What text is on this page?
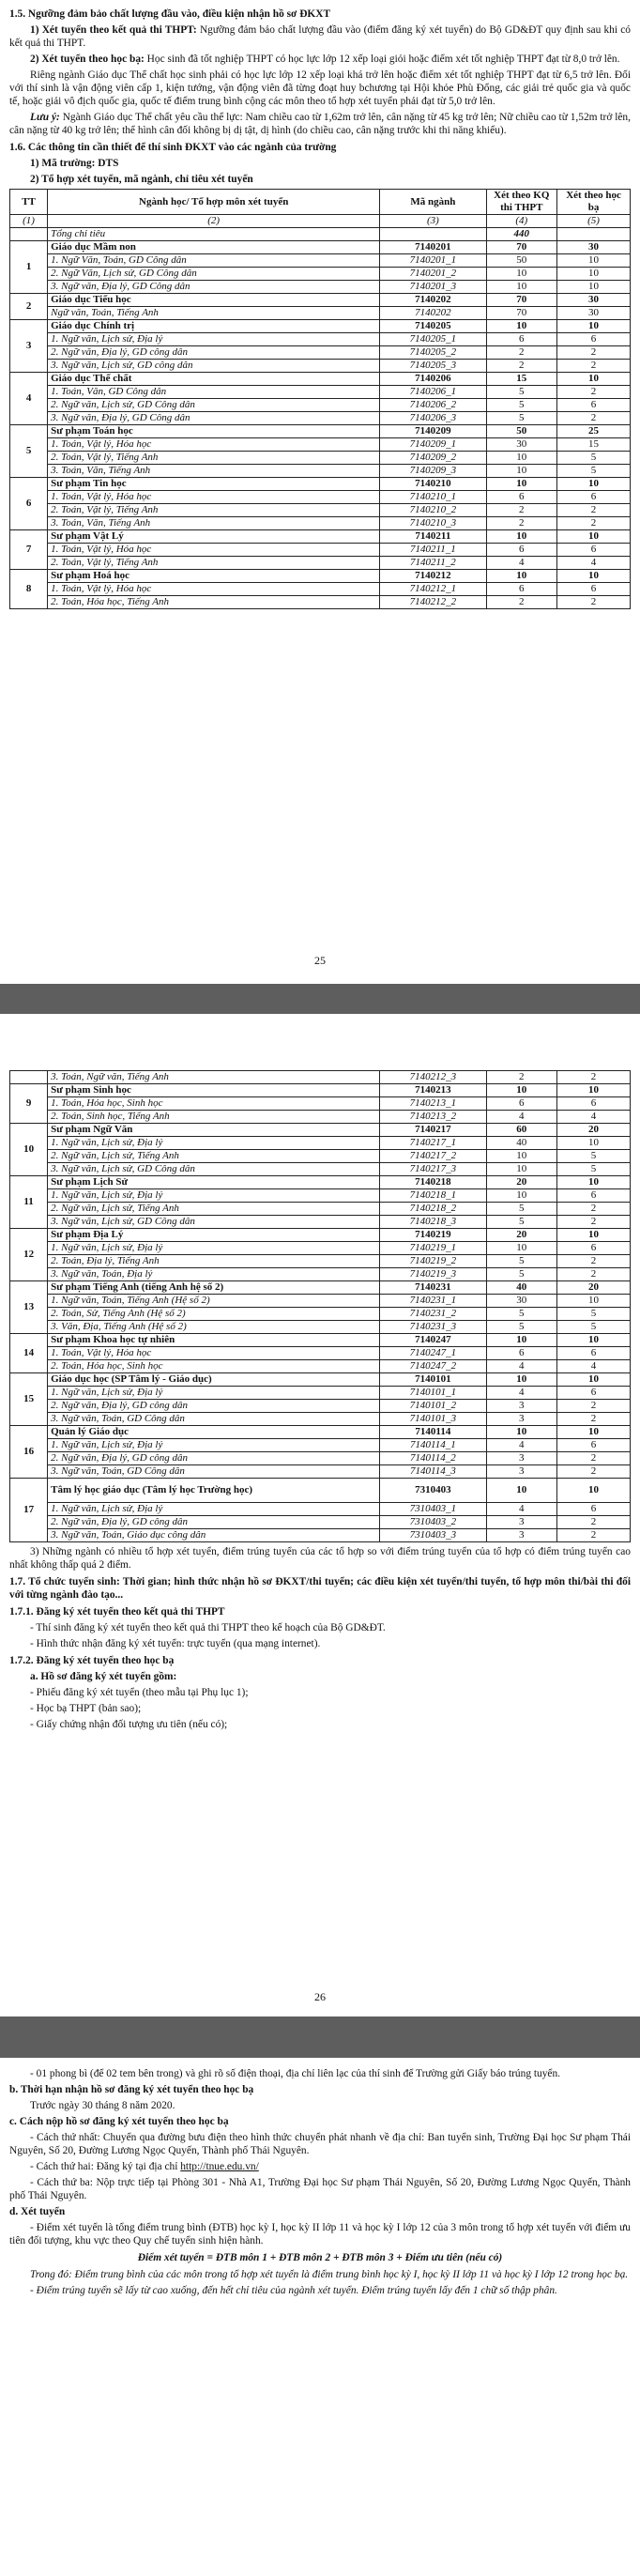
1.5. Ngưỡng đảm bảo chất lượng đầu vào, điều kiện nhận hồ sơ ĐKXT

1) Xét tuyển theo kết quả thi THPT: Ngưỡng đảm bảo chất lượng đầu vào (điểm đăng ký xét tuyển) do Bộ GD&ĐT quy định sau khi có kết quả thi THPT.

2) Xét tuyển theo học bạ: Học sinh đã tốt nghiệp THPT có học lực lớp 12 xếp loại giỏi hoặc điểm xét tốt nghiệp THPT đạt từ 8,0 trở lên.

Riêng ngành Giáo dục Thể chất học sinh phải có học lực lớp 12 xếp loại khá trở lên hoặc điểm xét tốt nghiệp THPT đạt từ 6,5 trở lên. Đối với thí sinh là vận động viên cấp 1, kiện tướng, vận động viên đã từng đoạt huy bchương tại Hội khỏe Phù Đổng, các giải trẻ quốc gia và quốc tế, hoặc giải vô địch quốc gia, quốc tế điểm trung bình cộng các môn theo tổ hợp xét tuyển phải đạt từ 5,0 trở lên.

Lưu ý: Ngành Giáo dục Thể chất yêu cầu thể lực: Nam chiều cao từ 1,62m trở lên, cân nặng từ 45 kg trở lên; Nữ chiều cao từ 1,52m trở lên, cân nặng từ 40 kg trở lên; thể hình cân đối không bị dị tật, dị hình (do chiều cao, cân nặng trước khi thi năng khiếu).

1.6. Các thông tin cần thiết để thí sinh ĐKXT vào các ngành của trường

1) Mã trường: DTS

2) Tổ hợp xét tuyển, mã ngành, chỉ tiêu xét tuyển

TT	Ngành học/ Tổ hợp môn xét tuyển	Mã ngành	Xét theo KQ thi THPT	Xét theo học bạ
(1)	(2)	(3)	(4)	(5)
	Tổng chỉ tiêu		440	
1	Giáo dục Mầm non	7140201	70	30
	1. Ngữ Văn, Toán, GD Công dân	7140201_1	50	10
	2. Ngữ Văn, Lịch sử, GD Công dân	7140201_2	10	10
	3. Ngữ văn, Địa lý, GD Công dân	7140201_3	10	10
2	Giáo dục Tiểu học	7140202	70	30
	Ngữ văn, Toán, Tiếng Anh	7140202	70	30
3	Giáo dục Chính trị	7140205	10	10
	1. Ngữ văn, Lịch sử, Địa lý	7140205_1	6	6
	2. Ngữ văn, Địa lý, GD công dân	7140205_2	2	2
	3. Ngữ văn, Lịch sử, GD công dân	7140205_3	2	2
4	Giáo dục Thể chất	7140206	15	10
	1. Toán, Văn, GD Công dân	7140206_1	5	2
	2. Ngữ văn, Lịch sử, GD Công dân	7140206_2	5	6
	3. Ngữ văn, Địa lý, GD Công dân	7140206_3	5	2
5	Sư phạm Toán học	7140209	50	25
	1. Toán, Vật lý, Hóa học	7140209_1	30	15
	2. Toán, Vật lý, Tiếng Anh	7140209_2	10	5
	3. Toán, Văn, Tiếng Anh	7140209_3	10	5
6	Sư phạm Tin học	7140210	10	10
	1. Toán, Vật lý, Hóa học	7140210_1	6	6
	2. Toán, Vật lý, Tiếng Anh	7140210_2	2	2
	3. Toán, Văn, Tiếng Anh	7140210_3	2	2
7	Sư phạm Vật Lý	7140211	10	10
	1. Toán, Vật lý, Hóa học	7140211_1	6	6
	2. Toán, Vật lý, Tiếng Anh	7140211_2	4	4
8	Sư phạm Hoá học	7140212	10	10
	1. Toán, Vật lý, Hóa học	7140212_1	6	6
	2. Toán, Hóa học, Tiếng Anh	7140212_2	2	2
25
	3. Toán, Ngữ văn, Tiếng Anh	7140212_3	2	2
9	Sư phạm Sinh học	7140213	10	10
	1. Toán, Hóa học, Sinh học	7140213_1	6	6
	2. Toán, Sinh học, Tiếng Anh	7140213_2	4	4
10	Sư phạm Ngữ Văn	7140217	60	20
	1. Ngữ văn, Lịch sử, Địa lý	7140217_1	40	10
	2. Ngữ văn, Lịch sử, Tiếng Anh	7140217_2	10	5
	3. Ngữ văn, Lịch sử, GD Công dân	7140217_3	10	5
11	Sư phạm Lịch Sử	7140218	20	10
	1. Ngữ văn, Lịch sử, Địa lý	7140218_1	10	6
	2. Ngữ văn, Lịch sử, Tiếng Anh	7140218_2	5	2
	3. Ngữ văn, Lịch sử, GD Công dân	7140218_3	5	2
12	Sư phạm Địa Lý	7140219	20	10
	1. Ngữ văn, Lịch sử, Địa lý	7140219_1	10	6
	2. Toán, Địa lý, Tiếng Anh	7140219_2	5	2
	3. Ngữ văn, Toán, Địa lý	7140219_3	5	2
13	Sư phạm Tiếng Anh (tiếng Anh hệ số 2)	7140231	40	20
	1. Ngữ văn, Toán, Tiếng Anh (Hệ số 2)	7140231_1	30	10
	2. Toán, Sử, Tiếng Anh (Hệ số 2)	7140231_2	5	5
	3. Văn, Địa, Tiếng Anh (Hệ số 2)	7140231_3	5	5
14	Sư phạm Khoa học tự nhiên	7140247	10	10
	1. Toán, Vật lý, Hóa học	7140247_1	6	6
	2. Toán, Hóa học, Sinh học	7140247_2	4	4
15	Giáo dục học (SP Tâm lý - Giáo dục)	7140101	10	10
	1. Ngữ văn, Lịch sử, Địa lý	7140101_1	4	6
	2. Ngữ văn, Địa lý, GD công dân	7140101_2	3	2
	3. Ngữ văn, Toán, GD Công dân	7140101_3	3	2
16	Quản lý Giáo dục	7140114	10	10
	1. Ngữ văn, Lịch sử, Địa lý	7140114_1	4	6
	2. Ngữ văn, Địa lý, GD công dân	7140114_2	3	2
	3. Ngữ văn, Toán, GD Công dân	7140114_3	3	2
17	Tâm lý học giáo dục (Tâm lý học Trường học)	7310403	10	10
	1. Ngữ văn, Lịch sử, Địa lý	7310403_1	4	6
	2. Ngữ văn, Địa lý, GD công dân	7310403_2	3	2
	3. Ngữ văn, Toán, Giáo dục công dân	7310403_3	3	2

3) Những ngành có nhiều tổ hợp xét tuyển, điểm trúng tuyển của các tổ hợp so với điểm trúng tuyển của tổ hợp có điểm trúng tuyển cao nhất không thấp quá 2 điểm.

1.7. Tổ chức tuyển sinh: Thời gian; hình thức nhận hồ sơ ĐKXT/thi tuyển; các điều kiện xét tuyển/thi tuyển, tổ hợp môn thi/bài thi đối với từng ngành đào tạo...

1.7.1. Đăng ký xét tuyển theo kết quả thi THPT

- Thí sinh đăng ký xét tuyển theo kết quả thi THPT theo kế hoạch của Bộ GD&ĐT.

- Hình thức nhận đăng ký xét tuyển: trực tuyến (qua mạng internet).

1.7.2. Đăng ký xét tuyển theo học bạ

a. Hồ sơ đăng ký xét tuyển gồm:

- Phiếu đăng ký xét tuyển (theo mẫu tại Phụ lục 1);

- Học bạ THPT (bản sao);

- Giấy chứng nhận đối tượng ưu tiên (nếu có);

26

- 01 phong bì (để 02 tem bên trong) và ghi rõ số điện thoại, địa chỉ liên lạc của thí sinh để Trường gửi Giấy báo trúng tuyển.

b. Thời hạn nhận hồ sơ đăng ký xét tuyển theo học bạ

Trước ngày 30 tháng 8 năm 2020.

c. Cách nộp hồ sơ đăng ký xét tuyển theo học bạ

- Cách thứ nhất: Chuyển qua đường bưu điện theo hình thức chuyển phát nhanh về địa chỉ: Ban tuyển sinh, Trường Đại học Sư phạm Thái Nguyên, Số 20, Đường Lương Ngọc Quyến, Thành phố Thái Nguyên.

- Cách thứ hai: Đăng ký tại địa chỉ http://tnue.edu.vn/

- Cách thứ ba: Nộp trực tiếp tại Phòng 301 - Nhà A1, Trường Đại học Sư phạm Thái Nguyên, Số 20, Đường Lương Ngọc Quyến, Thành phố Thái Nguyên.

d. Xét tuyển

- Điểm xét tuyển là tổng điểm trung bình (ĐTB) học kỳ I, học kỳ II lớp 11 và học kỳ I lớp 12 của 3 môn trong tổ hợp xét tuyển với điểm ưu tiên đối tượng, khu vực theo Quy chế tuyển sinh hiện hành.

Điểm xét tuyển = ĐTB môn 1 + ĐTB môn 2 + ĐTB môn 3 + Điểm ưu tiên (nếu có)

Trong đó: Điểm trung bình của các môn trong tổ hợp xét tuyển là điểm trung bình học kỳ I, học kỳ II lớp 11 và học kỳ I lớp 12 trong học bạ.

- Điểm trúng tuyển sẽ lấy từ cao xuống, đến hết chỉ tiêu của ngành xét tuyển. Điểm trúng tuyển lấy đến 1 chữ số thập phân.
